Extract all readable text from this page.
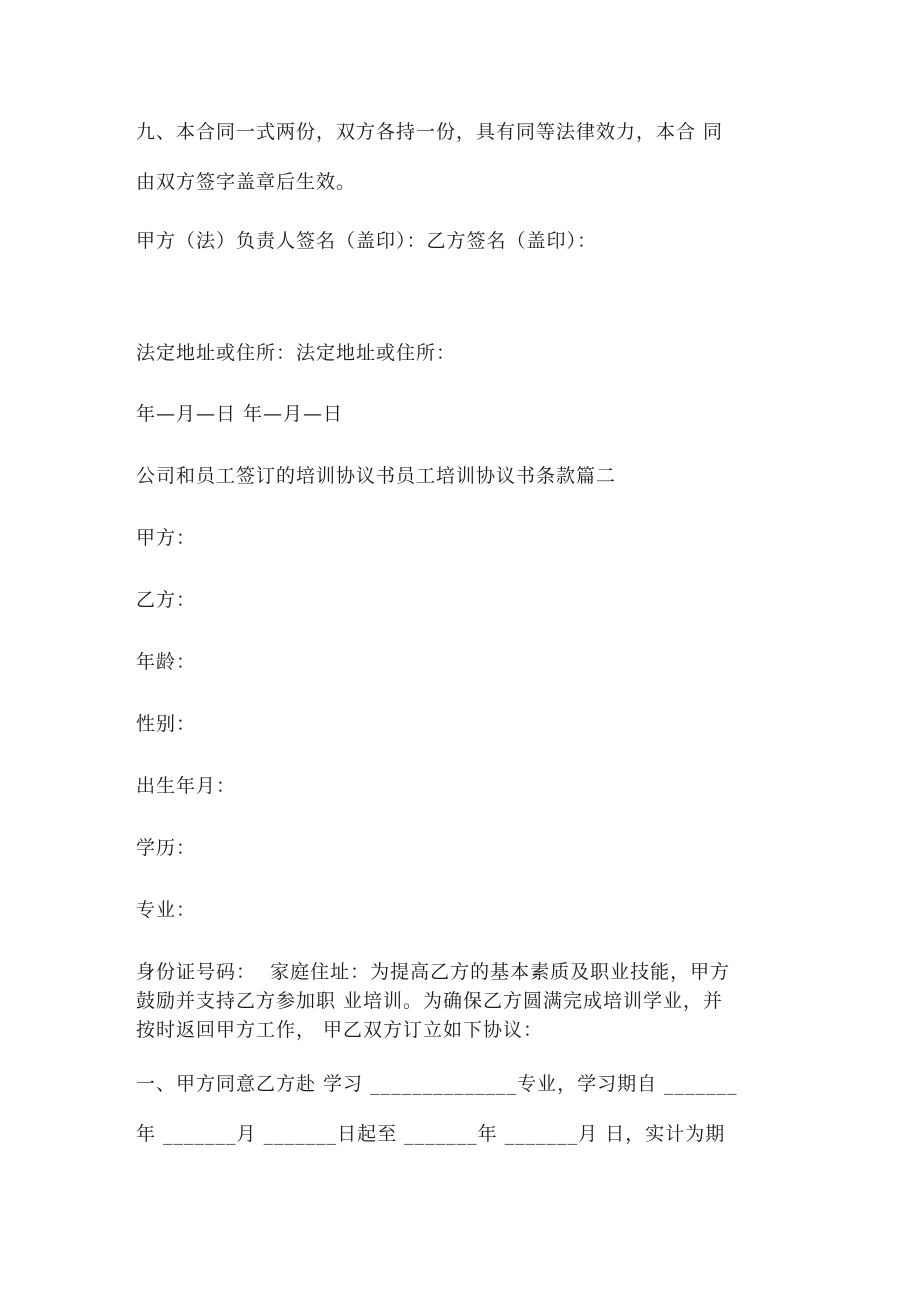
九、本合同一式两份，双方各持一份，具有同等法律效力，本合 同

由双方签字盖章后生效。

甲方（法）负责人签名（盖印）：乙方签名（盖印）：

法定地址或住所：法定地址或住所：

年—月—日 年—月—日

公司和员工签订的培训协议书员工培训协议书条款篇二

甲方：

乙方：

年龄：

性别：

出生年月：

学历：

专业：

身份证号码：  家庭住址：为提高乙方的基本素质及职业技能，甲方

鼓励并支持乙方参加职 业培训。为确保乙方圆满完成培训学业，并

按时返回甲方工作， 甲乙双方订立如下协议：

一、甲方同意乙方赴 学习 ______________专业，学习期自 _______

年 _______月 _______日起至 _______年 _______月 日，实计为期
